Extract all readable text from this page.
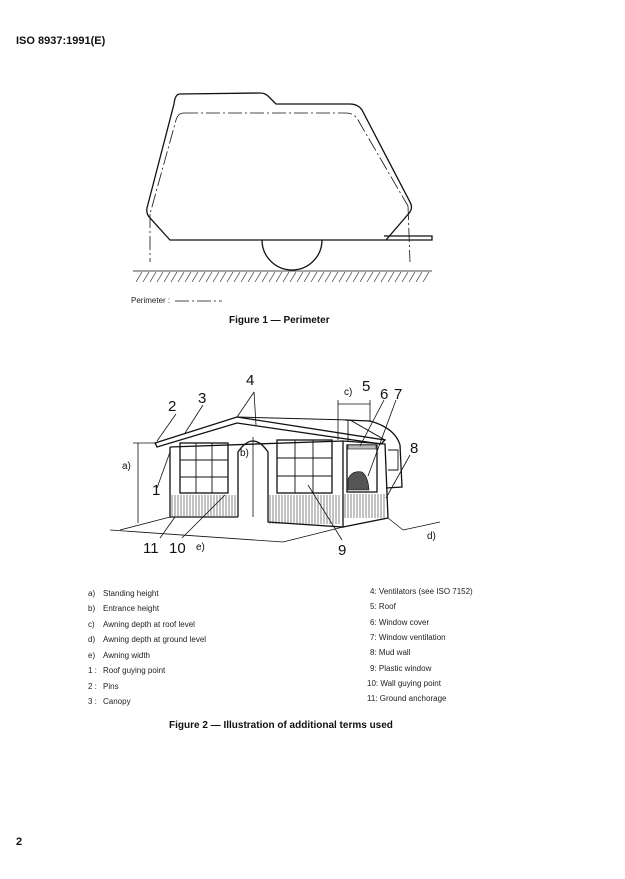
ISO 8937:1991(E)
Perimeter :
Figure 1 — Perimeter
4
2 3
1
a)
b)
c) 5 6 7
8
11 10 e)	9
d)
a) Standing height
b) Entrance height
c) Awning depth at roof level
d) Awning depth at ground level
e) Awning width
1 : Roof guying point
2 : Pins
3 : Canopy
4: Ventilators (see ISO 7152)
5: Roof
6: Window cover
7: Window ventilation
8: Mud wall
9: Plastic window
10: Wall guying point
11: Ground anchorage
Figure 2 — Illustration of additional terms used
2
